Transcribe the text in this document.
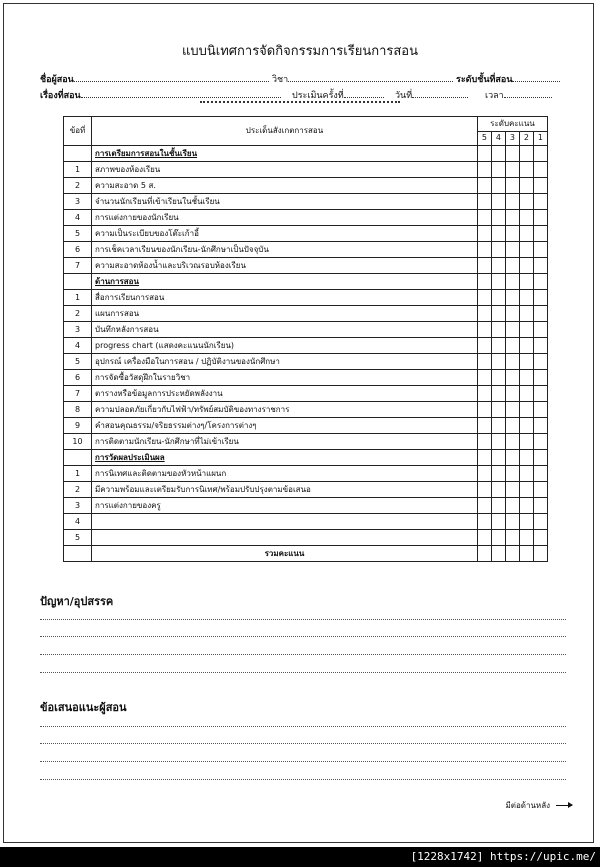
แบบนิเทศการจัดกิจกรรมการเรียนการสอน
ชื่อผู้สอน	วิชา	ระดับชั้นที่สอน
เรื่องที่สอน	ประเมินครั้งที่	วันที่	เวลา
ข้อที่	ประเด็นสังเกตการสอน	ระดับคะแนน				
		5	4	3	2	1
	การเตรียมการสอนในชั้นเรียน					
1	สภาพของห้องเรียน					
2	ความสะอาด 5 ส.					
3	จำนวนนักเรียนที่เข้าเรียนในชั้นเรียน					
4	การแต่งกายของนักเรียน					
5	ความเป็นระเบียบของโต๊ะเก้าอี้					
6	การเช็คเวลาเรียนของนักเรียน-นักศึกษาเป็นปัจจุบัน					
7	ความสะอาดห้องน้ำและบริเวณรอบห้องเรียน					
	ด้านการสอน					
1	สื่อการเรียนการสอน					
2	แผนการสอน					
3	บันทึกหลังการสอน					
4	progress chart (แสดงคะแนนนักเรียน)					
5	อุปกรณ์ เครื่องมือในการสอน / ปฏิบัติงานของนักศึกษา					
6	การจัดซื้อวัสดุฝึกในรายวิชา					
7	ตารางหรือข้อมูลการประหยัดพลังงาน					
8	ความปลอดภัยเกี่ยวกับไฟฟ้า/ทรัพย์สมบัติของทางราชการ					
9	คำสอนคุณธรรม/จริยธรรมต่างๆ/โครงการต่างๆ					
10	การติดตามนักเรียน-นักศึกษาที่ไม่เข้าเรียน					
	การวัดผลประเมินผล					
1	การนิเทศและติดตามของหัวหน้าแผนก					
2	มีความพร้อมและเตรียมรับการนิเทศ/พร้อมปรับปรุงตามข้อเสนอ					
3	การแต่งกายของครู					
4						
5						
	รวมคะแนน					
ปัญหา/อุปสรรค
ข้อเสนอแนะผู้สอน
มีต่อด้านหลัง
[1228x1742] https://upic.me/
